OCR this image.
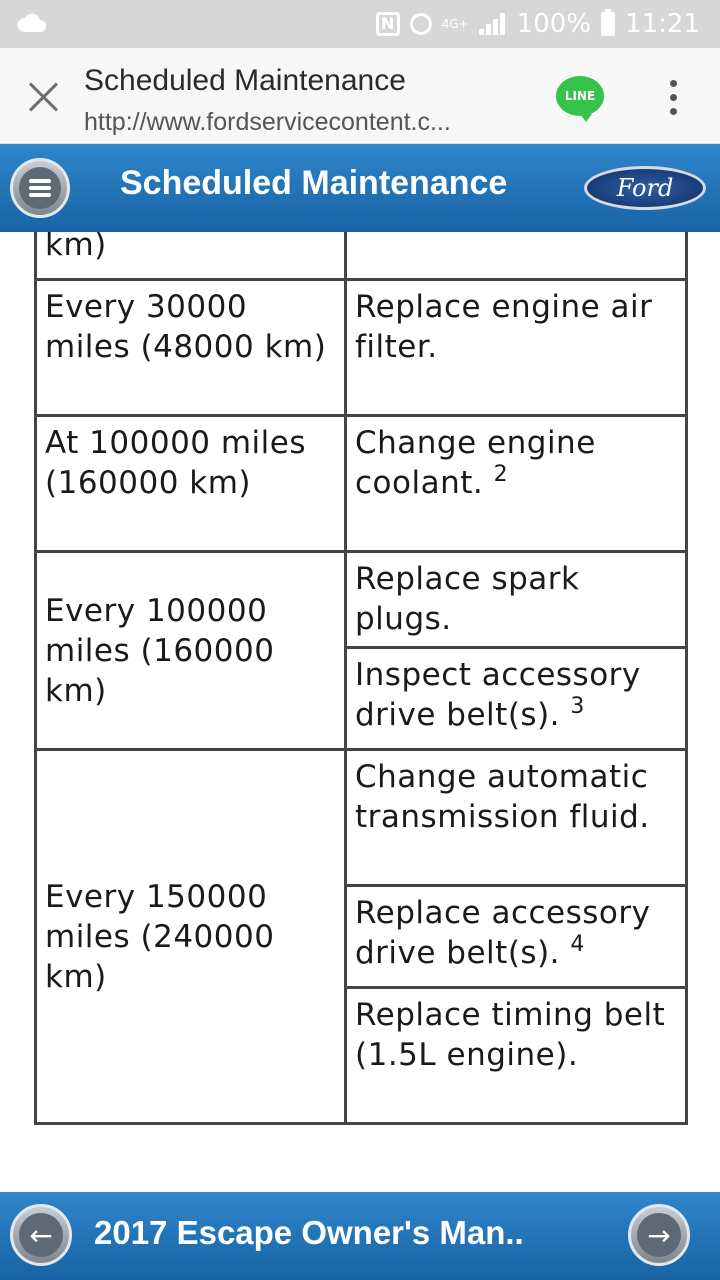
N	4G+ 100% 11:21
Scheduled Maintenance
http://www.fordservicecontent.c...
LINE
Scheduled Maintenance	Ford
km)	
Every 30000 miles (48000 km)	Replace engine air filter.
At 100000 miles (160000 km)	Change engine coolant. $^2$
Every 100000 miles (160000 km)	Replace spark plugs.
	Inspect accessory drive belt(s). $^3$
Every 150000 miles (240000 km)	Change automatic transmission fluid.
	Replace accessory drive belt(s). $^4$
	Replace timing belt (1.5L engine).
←	2017 Escape Owner's Man..	→
